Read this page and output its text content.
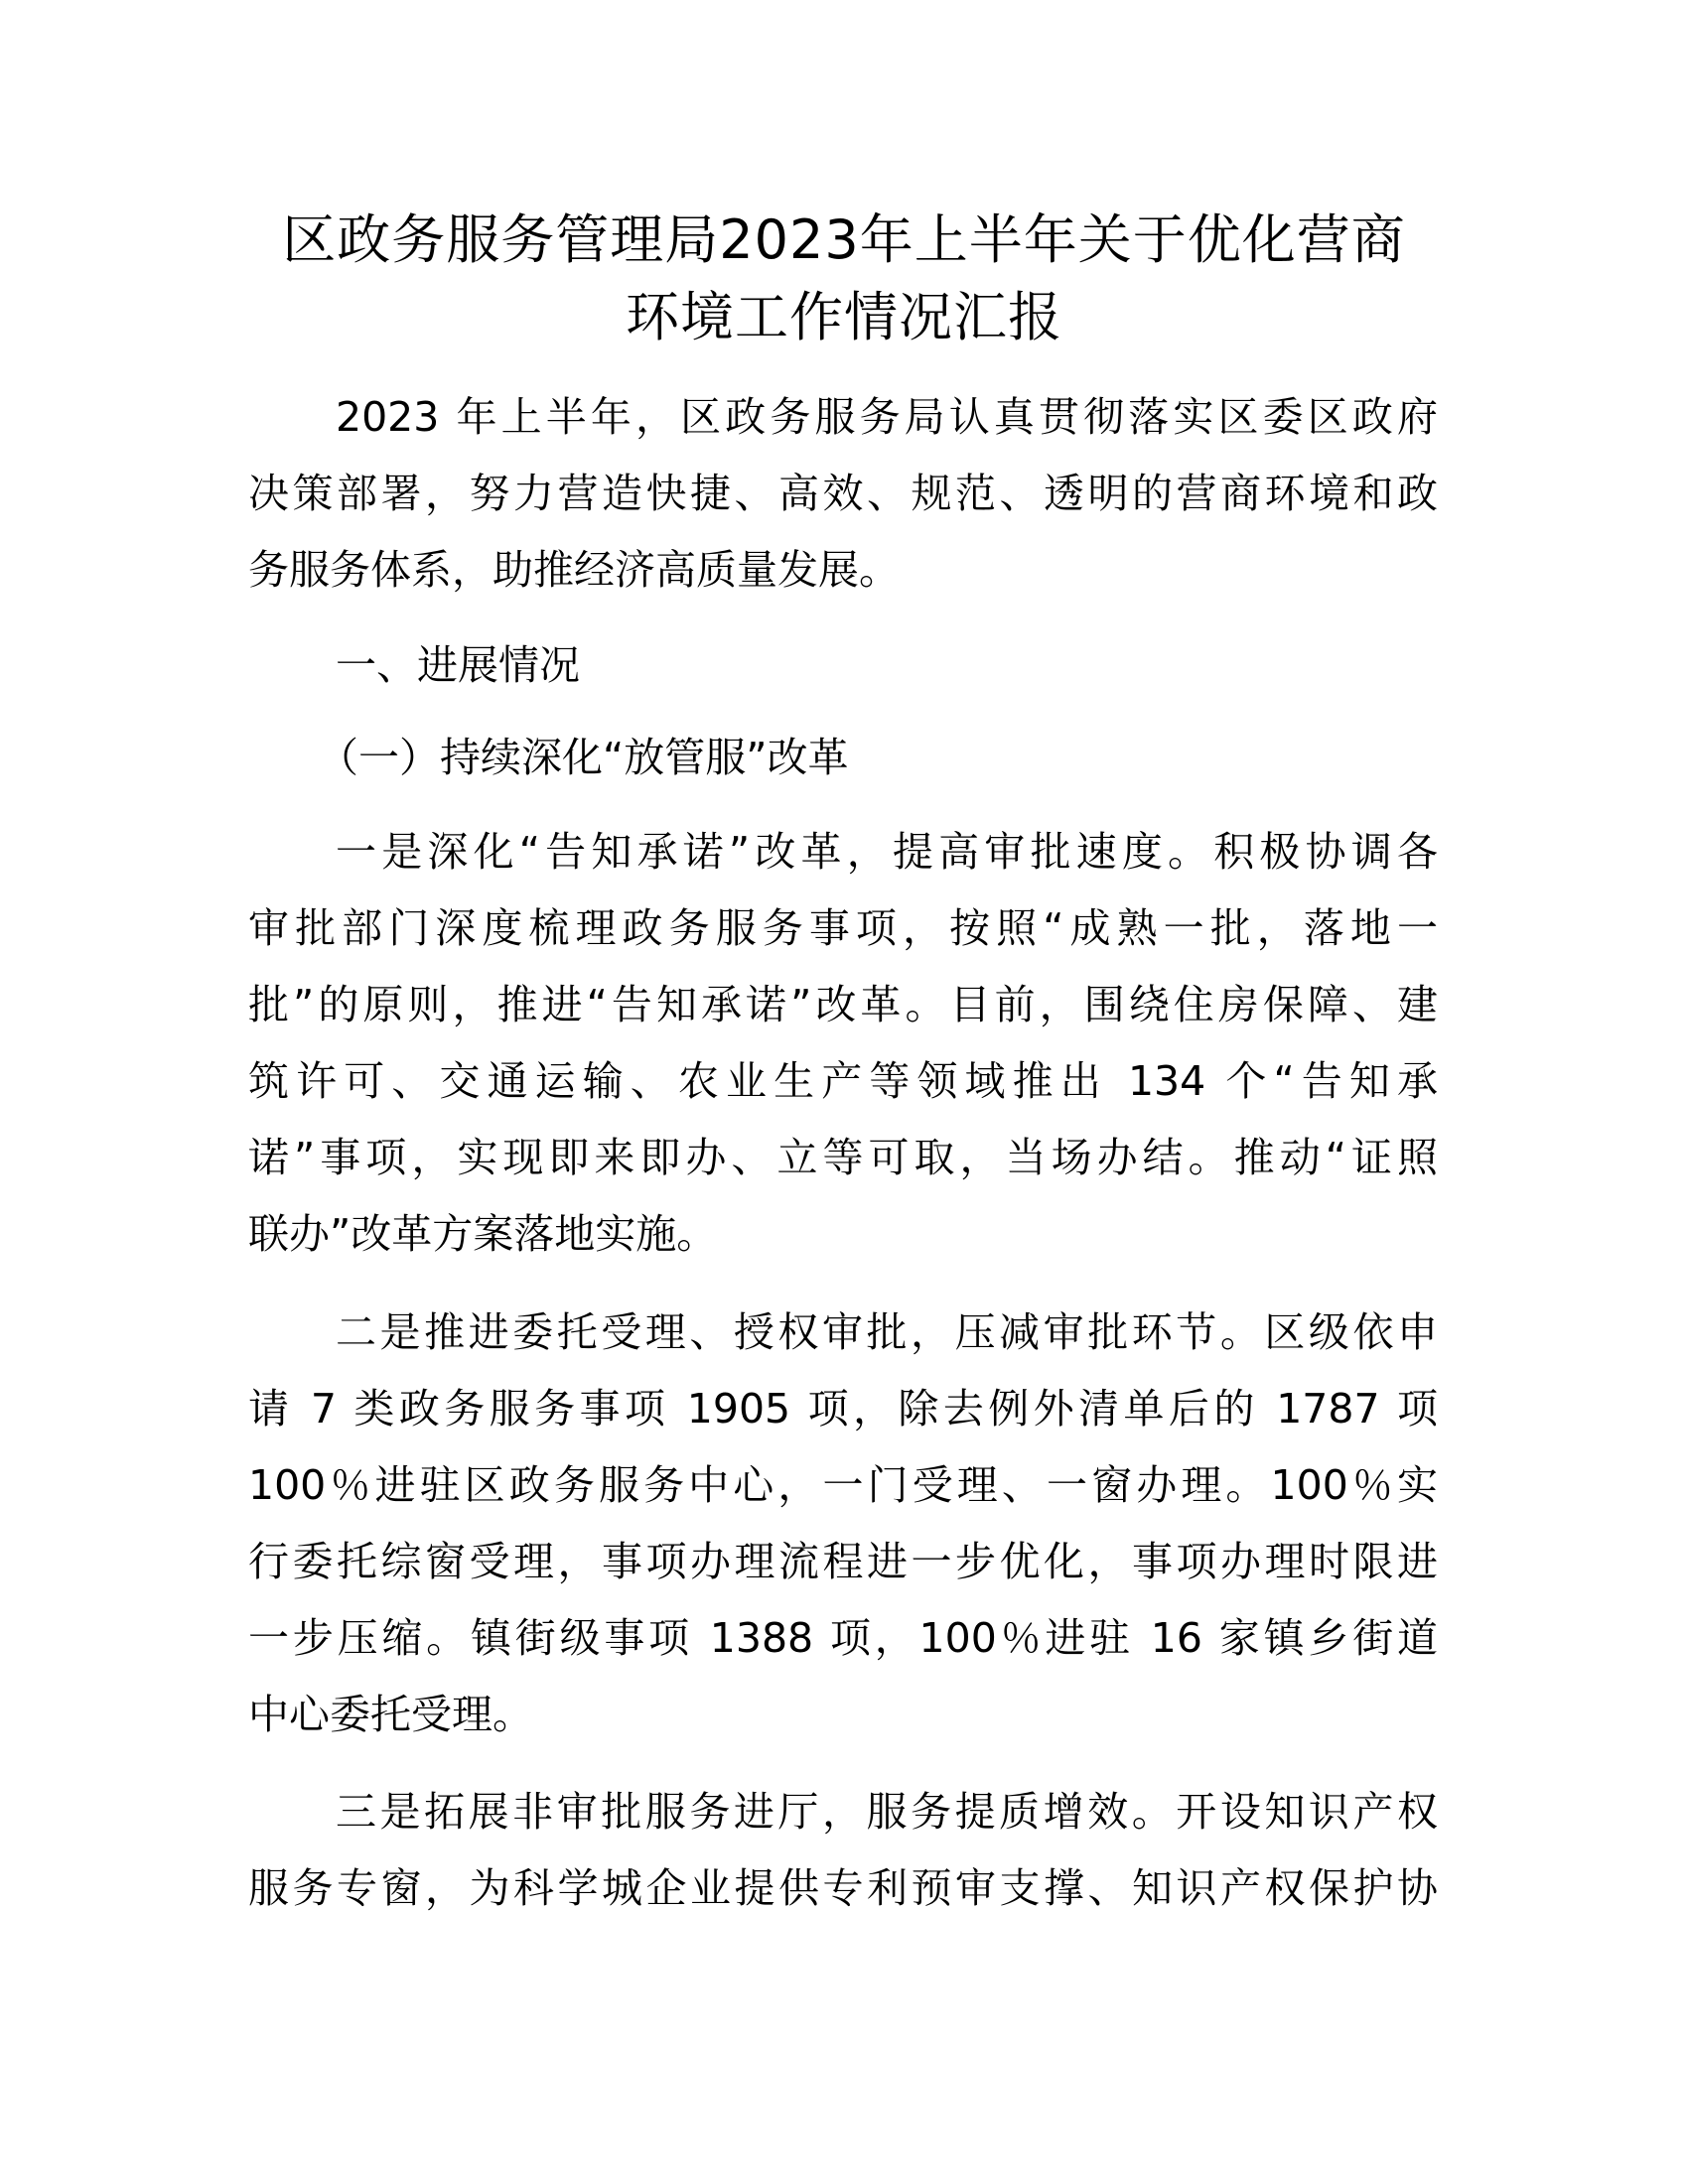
区政务服务管理局2023年上半年关于优化营商
环境工作情况汇报
2023 年上半年，区政务服务局认真贯彻落实区委区政府
决策部署，努力营造快捷、高效、规范、透明的营商环境和政
务服务体系，助推经济高质量发展。
一、进展情况
（一）持续深化“放管服”改革
一是深化“告知承诺”改革，提高审批速度。积极协调各
审批部门深度梳理政务服务事项，按照“成熟一批，落地一
批”的原则，推进“告知承诺”改革。目前，围绕住房保障、建
筑许可、交通运输、农业生产等领域推出 134 个“告知承
诺”事项，实现即来即办、立等可取，当场办结。推动“证照
联办”改革方案落地实施。
二是推进委托受理、授权审批，压减审批环节。区级依申
请 7 类政务服务事项 1905 项，除去例外清单后的 1787 项
100％进驻区政务服务中心，一门受理、一窗办理。100％实
行委托综窗受理，事项办理流程进一步优化，事项办理时限进
一步压缩。镇街级事项 1388 项，100％进驻 16 家镇乡街道
中心委托受理。
三是拓展非审批服务进厅，服务提质增效。开设知识产权
服务专窗，为科学城企业提供专利预审支撑、知识产权保护协
